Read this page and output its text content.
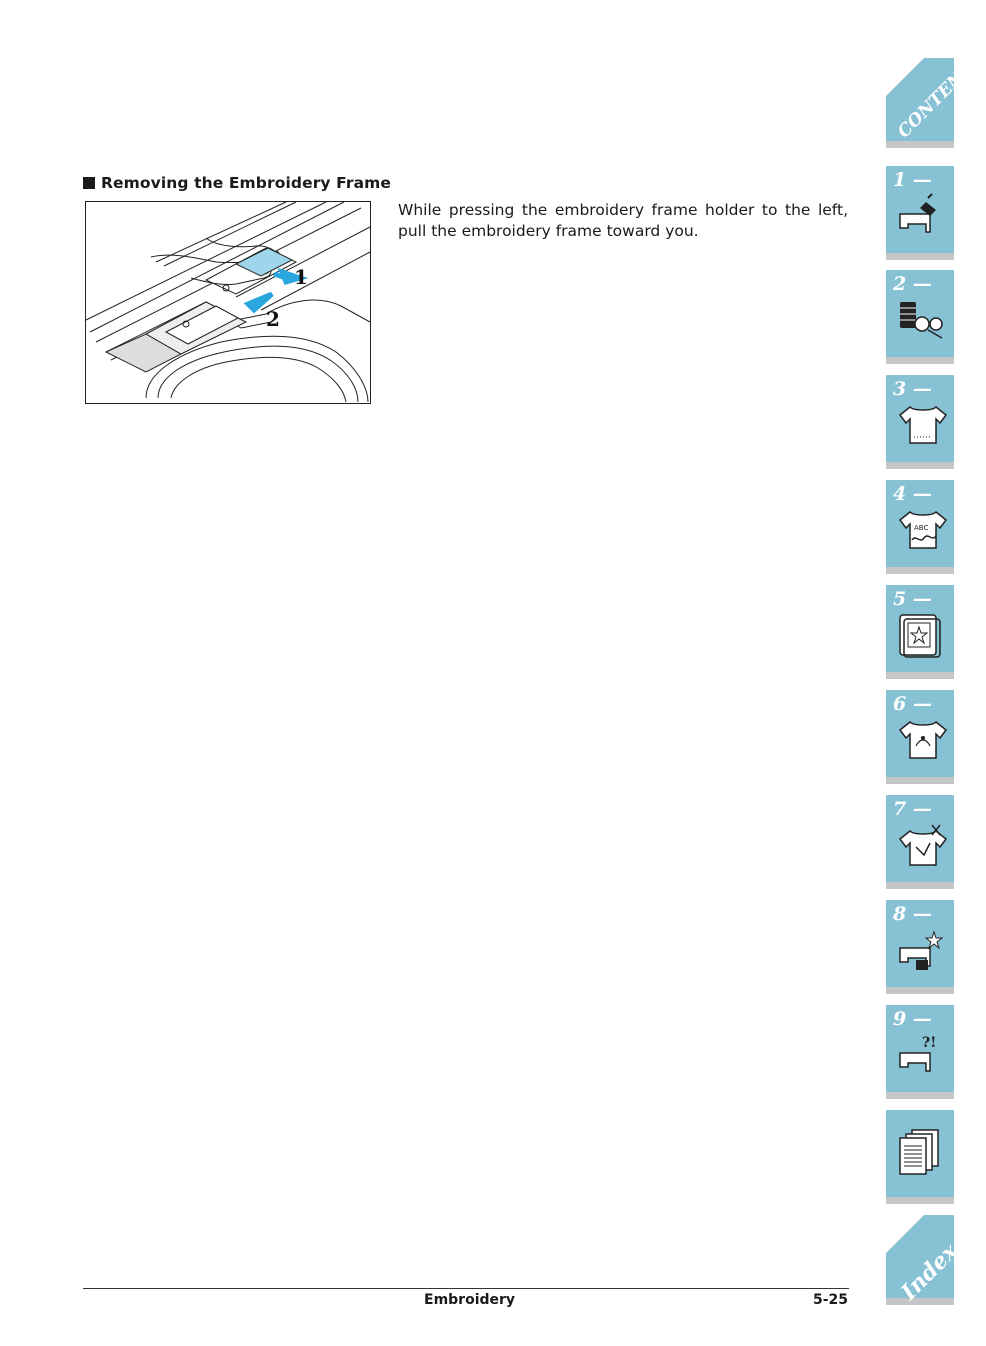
Removing the Embroidery Frame
1
2
While pressing the embroidery frame holder to the left, pull the embroidery frame toward you.
Embroidery	5-25
CONTENTS
1 —
2 —
3 —
4 —
ABC
5 —
6 —
7 —
8 —
9 —
?!
Index
